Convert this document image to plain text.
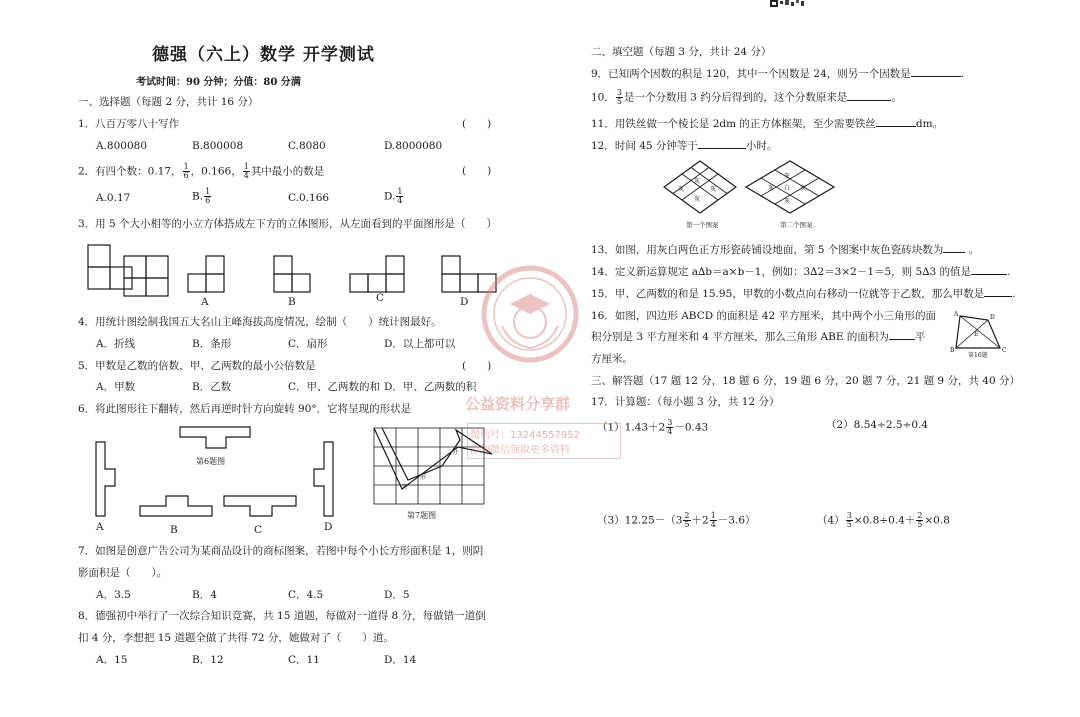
德强（六上）数学 开学测试
考试时间：90 分钟；分值：80 分满
一、选择题（每题 2 分，共计 16 分）
1．八百万零八十写作	(　　)
A.800080	B.800008	C.8080	D.8000080
2．有四个数：0.17， $\frac{1}{6}$ ，0.166， $\frac{1}{4}$ 其中最小的数是	(　　)
A.0.17	B. $\frac{1}{6}$	C.0.166	D. $\frac{1}{4}$
3．用 5 个大小相等的小立方体搭成左下方的立体图形，从左面看到的平面图形是（　　）
A	B	C	D
4．用统计图绘制我国五大名山主峰海拔高度情况，绘制（　　）统计图最好。
A．折线	B．条形	C．扇形	D．以上都可以
5．甲数是乙数的倍数，甲、乙两数的最小公倍数是	(　　)
A．甲数	B．乙数	C．甲、乙两数的和 D．甲、乙两数的积
6．将此图形往下翻转，然后再逆时针方向旋转 90°．它将呈现的形状是
第6题图
A	B	C	D
形
开
分
第7题图
7．如图是创意广告公司为某商品设计的商标图案，若图中每个小长方形面积是 1，则阴
影面积是（　　）。
A．3.5	B．4	C．4.5	D．5
8．德强初中举行了一次综合知识竞赛，共 15 道题，每做对一道得 8 分，每做错一道倒
扣 4 分，李想把 15 道题全做了共得 72 分，她做对了（　　）道。
A．15	B．12	C．11	D．14
二、填空题（每题 3 分，共计 24 分）
9．已知两个因数的积是 120，其中一个因数是 24，则另一个因数是	.
10． $\frac{3}{5}$ 是一个分数用 3 约分后得到的，这个分数原来是	。
11．用铁丝做一个棱长是 2dm 的正方体框架，至少需要铁丝	dm。
12．时间 45 分钟等于	小时。
灰
灰	灰
灰
灰
灰	灰
灰
白
第一个图案	第二个图案
13．如图，用灰白两色正方形瓷砖铺设地面，第 5 个图案中灰色瓷砖块数为 。
14．定义新运算规定 a∆b＝a×b－1，例如：3∆2＝3×2－1＝5，则 5∆3 的值是	.
15．甲、乙两数的和是 15.95，甲数的小数点向右移动一位就等于乙数，那么甲数是	.
16．如图，四边形 ABCD 的面积是 42 平方厘米，其中两个小三角形的面
积分别是 3 平方厘米和 4 平方厘米，那么三角形 ABE 的面积为 平
方厘米。
A	D
B	C
E
第16题
三、解答题（17 题 12 分，18 题 6 分，19 题 6 分，20 题 7 分，21 题 9 分，共 40 分）
17．计算题：（每小题 3 分，共 12 分）
$(1)1.43+2 \frac{3}{4} -0.43$	（2）8.54÷2.5÷0.4
$(3)12.25-(3 \frac{2}{5} +2 \frac{1}{4} -3.6)$	$(4) \frac{3}{5} \times 0.8\div 0.4+ \frac{2}{5} \times 0.8$
公益资料分享群
微信号：13244557952
添加微信领取更多资料
